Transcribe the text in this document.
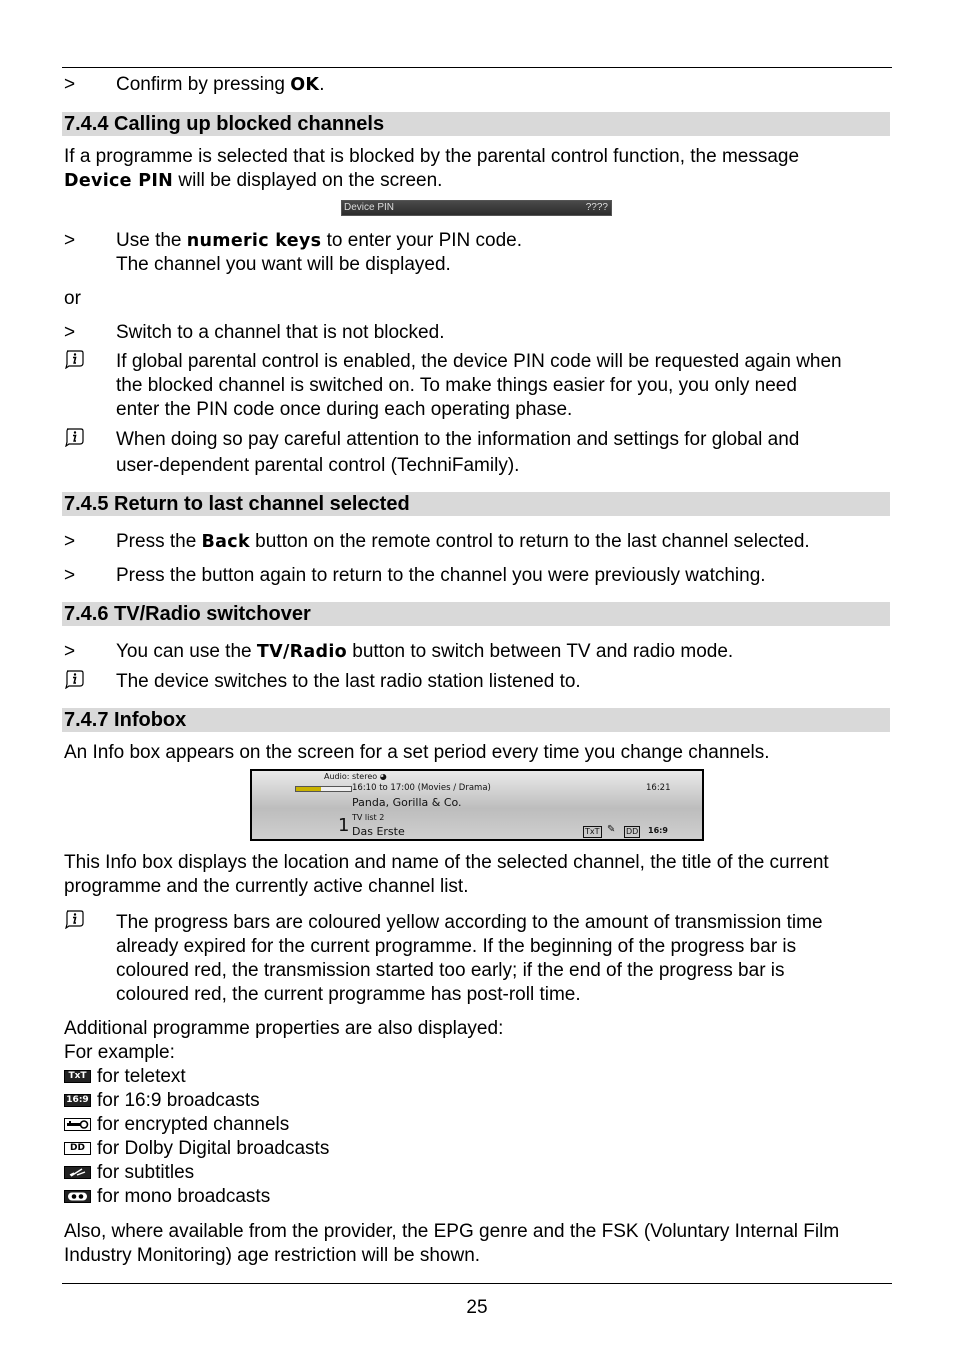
> Confirm by pressing OK.
7.4.4 Calling up blocked channels
If a programme is selected that is blocked by the parental control function, the message
Device PIN will be displayed on the screen.
Device PIN	????
> Use the numeric keys to enter your PIN code.
The channel you want will be displayed.
or
> Switch to a channel that is not blocked.
If global parental control is enabled, the device PIN code will be requested again when
the blocked channel is switched on. To make things easier for you, you only need
enter the PIN code once during each operating phase.
When doing so pay careful attention to the information and settings for global and
user-dependent parental control (TechniFamily).
7.4.5 Return to last channel selected
> Press the Back button on the remote control to return to the last channel selected.
> Press the button again to return to the channel you were previously watching.
7.4.6 TV/Radio switchover
> You can use the TV/Radio button to switch between TV and radio mode.
The device switches to the last radio station listened to.
7.4.7 Infobox
An Info box appears on the screen for a set period every time you change channels.
Audio: stereo ◕
16:10 to 17:00 (Movies / Drama)	16:21
Panda, Gorilla & Co.
TV list 2
1 Das Erste	TxT ✎ DD 16:9
This Info box displays the location and name of the selected channel, the title of the current
programme and the currently active channel list.
The progress bars are coloured yellow according to the amount of transmission time
already expired for the current programme. If the beginning of the progress bar is
coloured red, the transmission started too early; if the end of the progress bar is
coloured red, the current programme has post-roll time.
Additional programme properties are also displayed:
For example:
TxT for teletext
16:9 for 16:9 broadcasts
for encrypted channels
DD for Dolby Digital broadcasts
for subtitles
for mono broadcasts
Also, where available from the provider, the EPG genre and the FSK (Voluntary Internal Film
Industry Monitoring) age restriction will be shown.
25
